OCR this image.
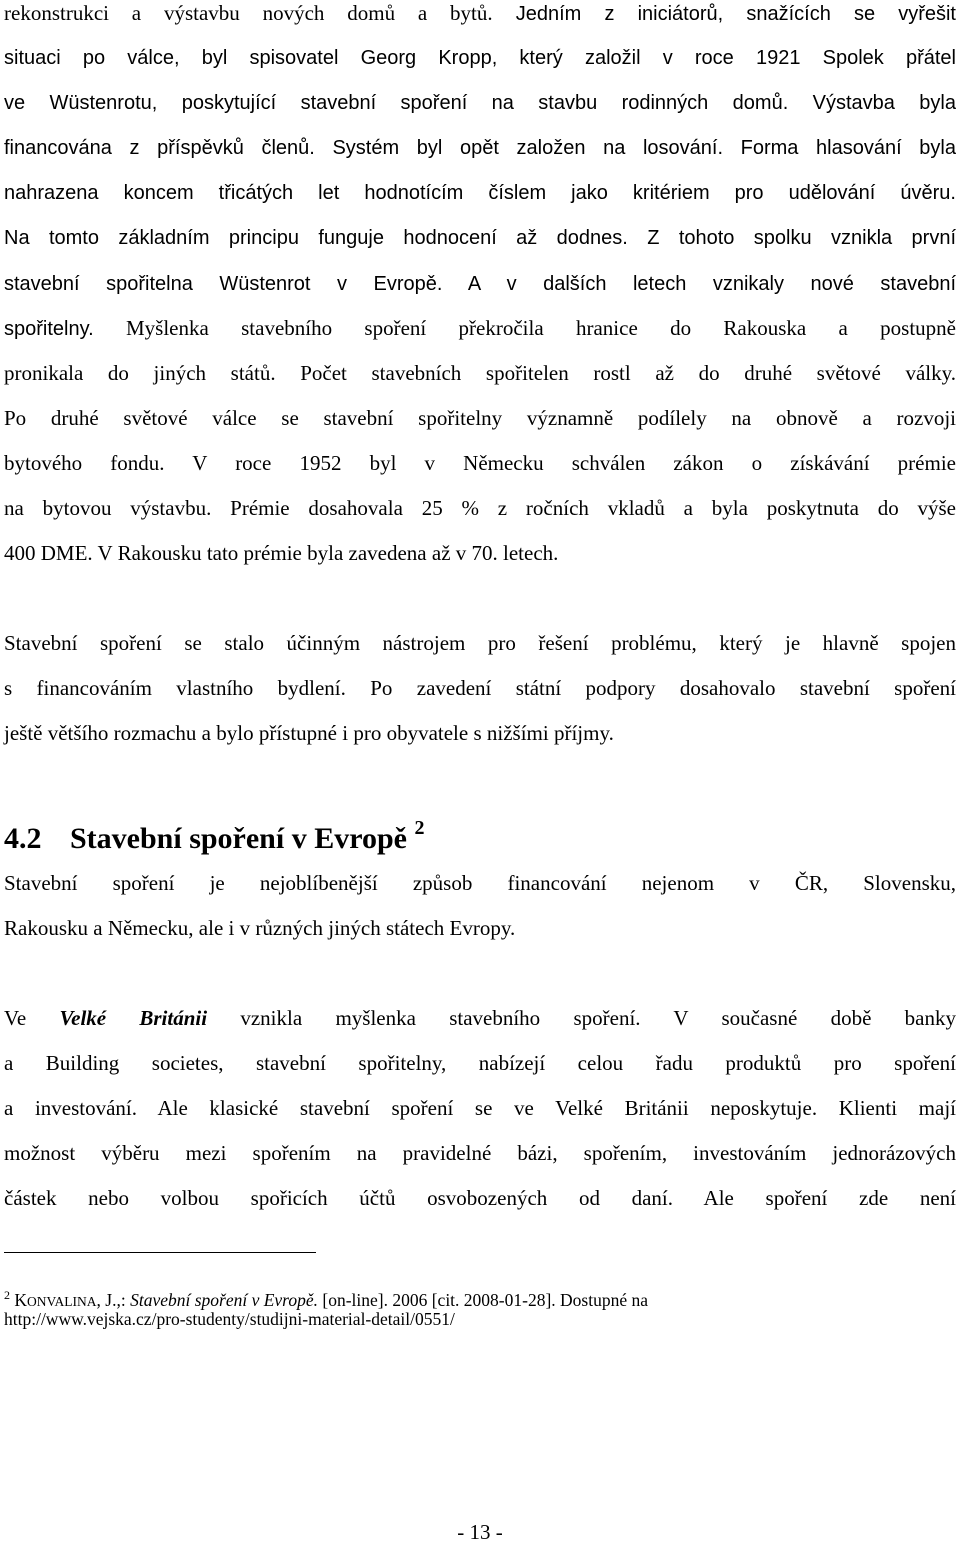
rekonstrukci a výstavbu nových domů a bytů. Jedním z iniciátorů, snažících se vyřešit
situaci po válce, byl spisovatel Georg Kropp, který založil v roce 1921 Spolek přátel
ve Wüstenrotu, poskytující stavební spoření na stavbu rodinných domů. Výstavba byla
financována z příspěvků členů. Systém byl opět založen na losování. Forma hlasování byla
nahrazena koncem třicátých let hodnotícím číslem jako kritériem pro udělování úvěru.
Na tomto základním principu funguje hodnocení až dodnes. Z tohoto spolku vznikla první
stavební spořitelna Wüstenrot v Evropě. A v dalších letech vznikaly nové stavební
spořitelny. Myšlenka stavebního spoření překročila hranice do Rakouska a postupně
pronikala do jiných států. Počet stavebních spořitelen rostl až do druhé světové války.
Po druhé světové válce se stavební spořitelny významně podílely na obnově a rozvoji
bytového fondu. V roce 1952 byl v Německu schválen zákon o získávání prémie
na bytovou výstavbu. Prémie dosahovala 25 % z ročních vkladů a byla poskytnuta do výše
400 DME. V Rakousku tato prémie byla zavedena až v 70. letech.
Stavební spoření se stalo účinným nástrojem pro řešení problému, který je hlavně spojen
s financováním vlastního bydlení. Po zavedení státní podpory dosahovalo stavební spoření
ještě většího rozmachu a bylo přístupné i pro obyvatele s nižšími příjmy.
4.2 Stavební spoření v Evropě $^2$
Stavební spoření je nejoblíbenější způsob financování nejenom v ČR, Slovensku,
Rakousku a Německu, ale i v různých jiných státech Evropy.
Ve Velké Británii vznikla myšlenka stavebního spoření. V současné době banky
a Building societes, stavební spořitelny, nabízejí celou řadu produktů pro spoření
a investování. Ale klasické stavební spoření se ve Velké Británii neposkytuje. Klienti mají
možnost výběru mezi spořením na pravidelné bázi, spořením, investováním jednorázových
částek nebo volbou spořicích účtů osvobozených od daní. Ale spoření zde není
$^2$ KONVALINA, J.,: Stavební spoření v Evropě. [on-line]. 2006 [cit. 2008-01-28]. Dostupné na
http://www.vejska.cz/pro-studenty/studijni-material-detail/0551/
- 13 -
